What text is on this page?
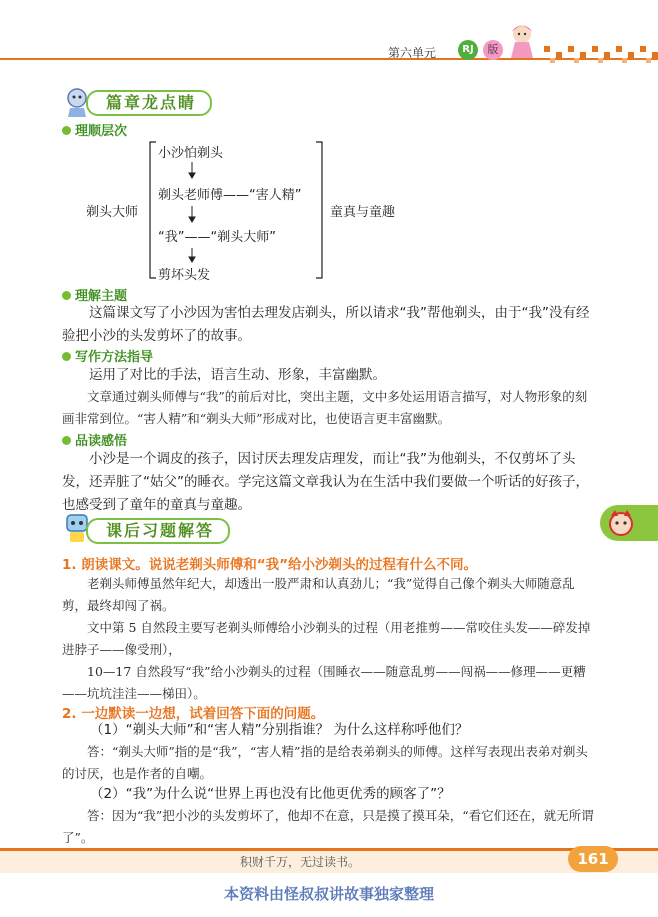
第六单元	RJ	版
篇章龙点睛
理顺层次
剃头大师
小沙怕剃头
剃头老师傅——“害人精”
“我”——“剃头大师”
剪坏头发
童真与童趣
理解主题
这篇课文写了小沙因为害怕去理发店剃头，所以请求“我”帮他剃头，由于“我”没有经验把小沙的头发剪坏了的故事。
写作方法指导
运用了对比的手法，语言生动、形象，丰富幽默。
文章通过剃头师傅与“我”的前后对比，突出主题，文中多处运用语言描写，对人物形象的刻画非常到位。“害人精”和“剃头大师”形成对比，也使语言更丰富幽默。
品读感悟
小沙是一个调皮的孩子，因讨厌去理发店理发，而让“我”为他剃头，不仅剪坏了头发，还弄脏了“姑父”的睡衣。学完这篇文章我认为在生活中我们要做一个听话的好孩子，也感受到了童年的童真与童趣。
课后习题解答
1. 朗读课文。说说老剃头师傅和“我”给小沙剃头的过程有什么不同。
老剃头师傅虽然年纪大，却透出一股严肃和认真劲儿；“我”觉得自己像个剃头大师随意乱剪，最终却闯了祸。
文中第 5 自然段主要写老剃头师傅给小沙剃头的过程（用老推剪——常咬住头发——碎发掉进脖子——像受刑），
10—17 自然段写“我”给小沙剃头的过程（围睡衣——随意乱剪——闯祸——修理——更糟——坑坑洼洼——梯田）。
2. 一边默读一边想，试着回答下面的问题。
（1）“剃头大师”和“害人精”分别指谁？ 为什么这样称呼他们？
答：“剃头大师”指的是“我”，“害人精”指的是给表弟剃头的师傅。这样写表现出表弟对剃头的讨厌，也是作者的自嘲。
（2）“我”为什么说“世界上再也没有比他更优秀的顾客了”？
答：因为“我”把小沙的头发剪坏了，他却不在意，只是摸了摸耳朵，“看它们还在，就无所谓了”。
积财千万，无过读书。	161
本资料由怪叔叔讲故事独家整理
